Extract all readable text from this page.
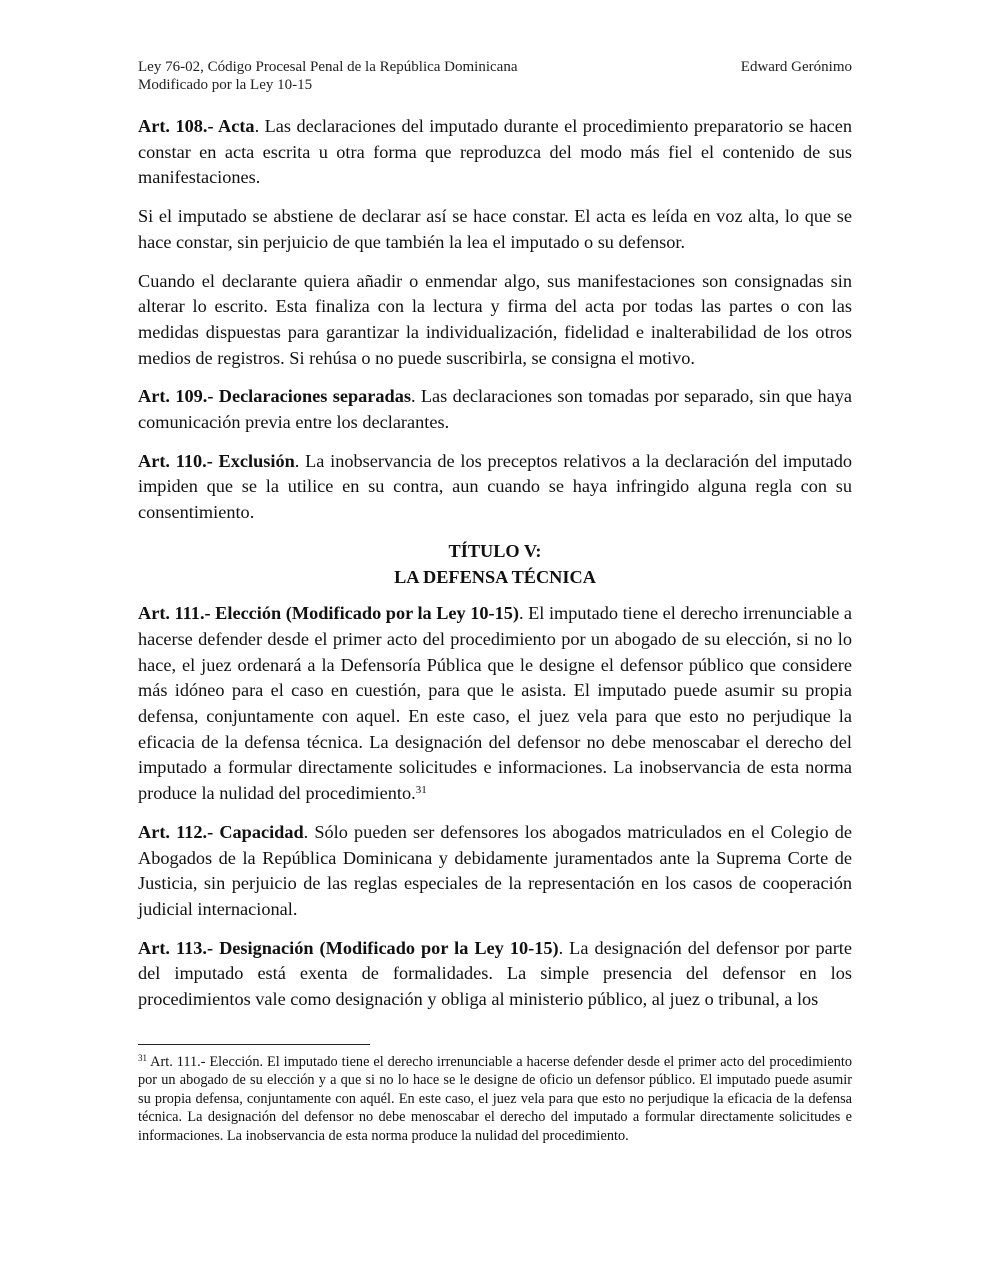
Ley 76-02, Código Procesal Penal de la República Dominicana
Modificado por la Ley 10-15
Edward Gerónimo

Art. 108.- Acta. Las declaraciones del imputado durante el procedimiento preparatorio se hacen constar en acta escrita u otra forma que reproduzca del modo más fiel el contenido de sus manifestaciones.

Si el imputado se abstiene de declarar así se hace constar. El acta es leída en voz alta, lo que se hace constar, sin perjuicio de que también la lea el imputado o su defensor.

Cuando el declarante quiera añadir o enmendar algo, sus manifestaciones son consignadas sin alterar lo escrito. Esta finaliza con la lectura y firma del acta por todas las partes o con las medidas dispuestas para garantizar la individualización, fidelidad e inalterabilidad de los otros medios de registros. Si rehúsa o no puede suscribirla, se consigna el motivo.

Art. 109.- Declaraciones separadas. Las declaraciones son tomadas por separado, sin que haya comunicación previa entre los declarantes.

Art. 110.- Exclusión. La inobservancia de los preceptos relativos a la declaración del imputado impiden que se la utilice en su contra, aun cuando se haya infringido alguna regla con su consentimiento.

TÍTULO V:
LA DEFENSA TÉCNICA

Art. 111.- Elección (Modificado por la Ley 10-15). El imputado tiene el derecho irrenunciable a hacerse defender desde el primer acto del procedimiento por un abogado de su elección, si no lo hace, el juez ordenará a la Defensoría Pública que le designe el defensor público que considere más idóneo para el caso en cuestión, para que le asista. El imputado puede asumir su propia defensa, conjuntamente con aquel. En este caso, el juez vela para que esto no perjudique la eficacia de la defensa técnica. La designación del defensor no debe menoscabar el derecho del imputado a formular directamente solicitudes e informaciones. La inobservancia de esta norma produce la nulidad del procedimiento.$^{31}$

Art. 112.- Capacidad. Sólo pueden ser defensores los abogados matriculados en el Colegio de Abogados de la República Dominicana y debidamente juramentados ante la Suprema Corte de Justicia, sin perjuicio de las reglas especiales de la representación en los casos de cooperación judicial internacional.

Art. 113.- Designación (Modificado por la Ley 10-15). La designación del defensor por parte del imputado está exenta de formalidades. La simple presencia del defensor en los procedimientos vale como designación y obliga al ministerio público, al juez o tribunal, a los

$^{31}$ Art. 111.- Elección. El imputado tiene el derecho irrenunciable a hacerse defender desde el primer acto del procedimiento por un abogado de su elección y a que si no lo hace se le designe de oficio un defensor público. El imputado puede asumir su propia defensa, conjuntamente con aquél. En este caso, el juez vela para que esto no perjudique la eficacia de la defensa técnica. La designación del defensor no debe menoscabar el derecho del imputado a formular directamente solicitudes e informaciones. La inobservancia de esta norma produce la nulidad del procedimiento.
